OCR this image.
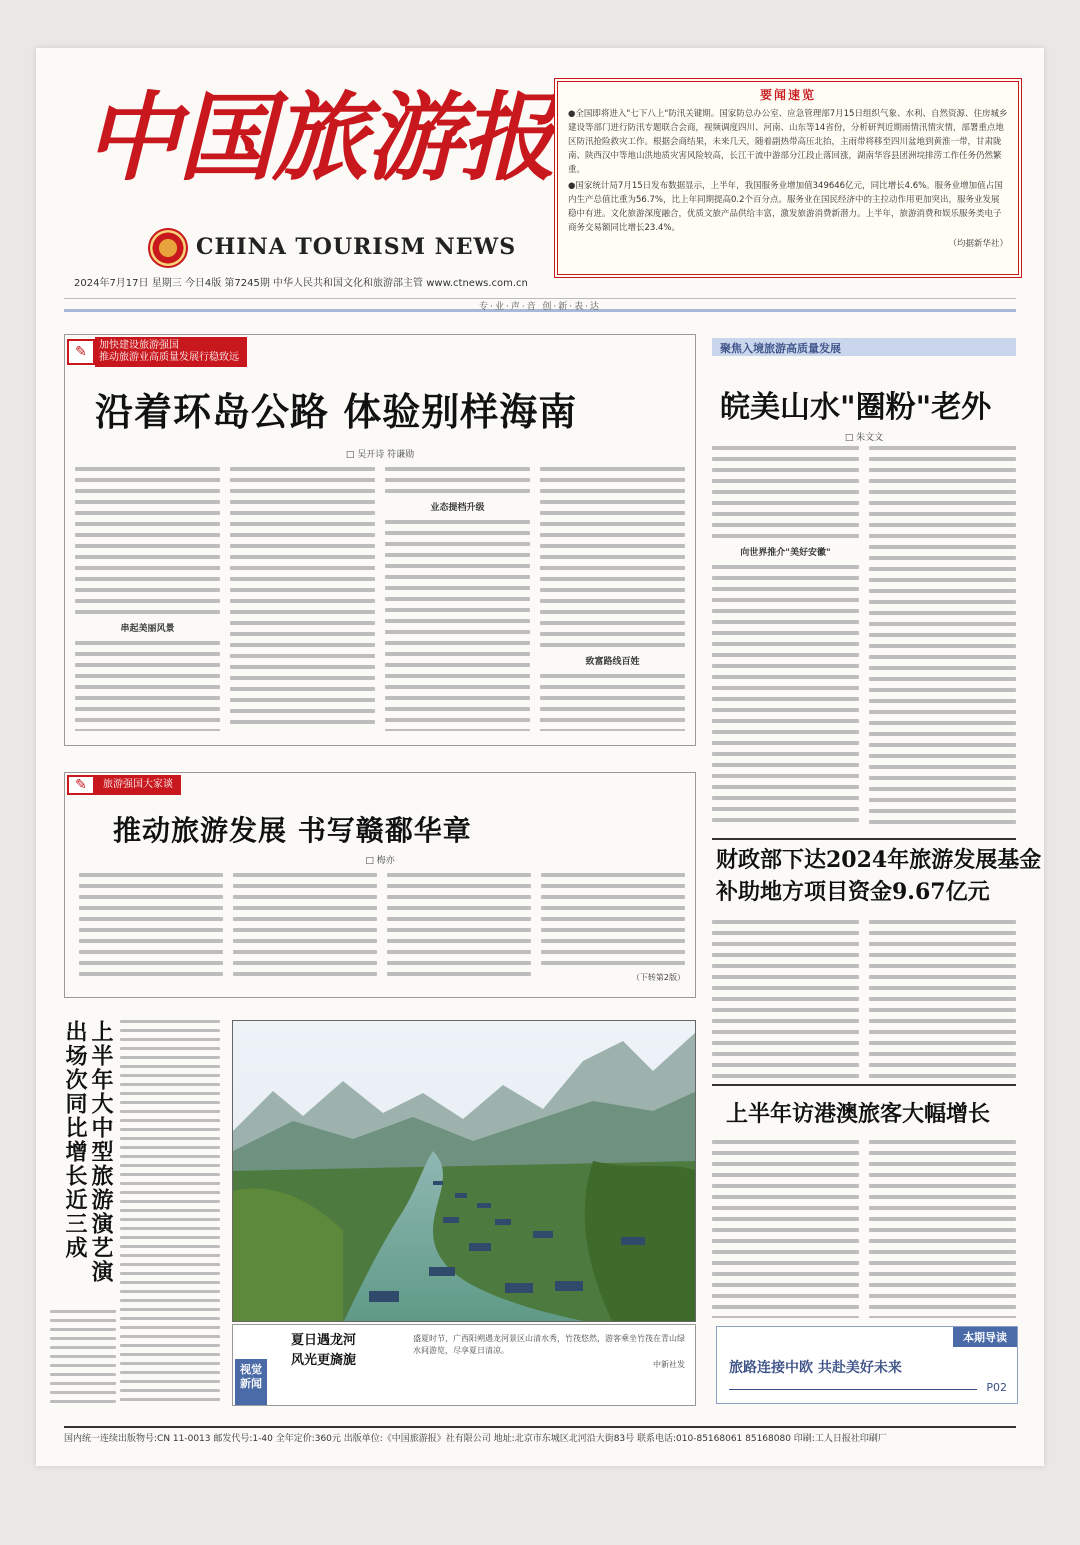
中国旅游报
CHINA TOURISM NEWS
2024年7月17日 星期三 今日4版 第7245期 中华人民共和国文化和旅游部主管 www.ctnews.com.cn
专·业·声·音 创·新·表·达
要闻速览

●全国即将进入"七下八上"防汛关键期。国家防总办公室、应急管理部7月15日组织气象、水利、自然资源、住房城乡建设等部门进行防汛专题联合会商，视频调度四川、河南、山东等14省份，分析研判近期雨情汛情灾情，部署重点地区防汛抢险救灾工作。根据会商结果，未来几天，随着副热带高压北抬，主雨带将移至四川盆地到黄淮一带，甘肃陇南、陕西汉中等地山洪地质灾害风险较高，长江干流中游部分江段止落回涨，湖南华容县团洲垸排涝工作任务仍然繁重。

●国家统计局7月15日发布数据显示，上半年，我国服务业增加值349646亿元，同比增长4.6%。服务业增加值占国内生产总值比重为56.7%，比上年同期提高0.2个百分点。服务业在国民经济中的主拉动作用更加突出，服务业发展稳中有进。文化旅游深度融合，优质文旅产品供给丰富，激发旅游消费新潜力。上半年，旅游消费和娱乐服务类电子商务交易额同比增长23.4%。

（均据新华社）

✎	加快建设旅游强国
推动旅游业高质量发展行稳致远
沿着环岛公路 体验别样海南
□ 吴开诗 符谦勋
串起美丽风景
业态提档升级
致富路线百姓
✎	旅游强国大家谈
推动旅游发展 书写赣鄱华章
□ 梅亦
（下转第2版）
聚焦入境旅游高质量发展
皖美山水"圈粉"老外
□ 朱文文
向世界推介"美好安徽"
财政部下达2024年旅游发展基金
补助地方项目资金9.67亿元
上半年访港澳旅客大幅增长
上半年大中型旅游演艺演出场次同比增长近三成
视觉新闻
夏日遇龙河
风光更旖旎
盛夏时节，广西阳朔遇龙河景区山清水秀，竹筏悠然，游客乘坐竹筏在青山绿水间游览，尽享夏日清凉。
中新社发
本期导读
旅路连接中欧 共赴美好未来
P02
国内统一连续出版物号:CN 11-0013 邮发代号:1-40 全年定价:360元 出版单位:《中国旅游报》社有限公司 地址:北京市东城区北河沿大街83号 联系电话:010-85168061 85168080 印刷:工人日报社印刷厂
